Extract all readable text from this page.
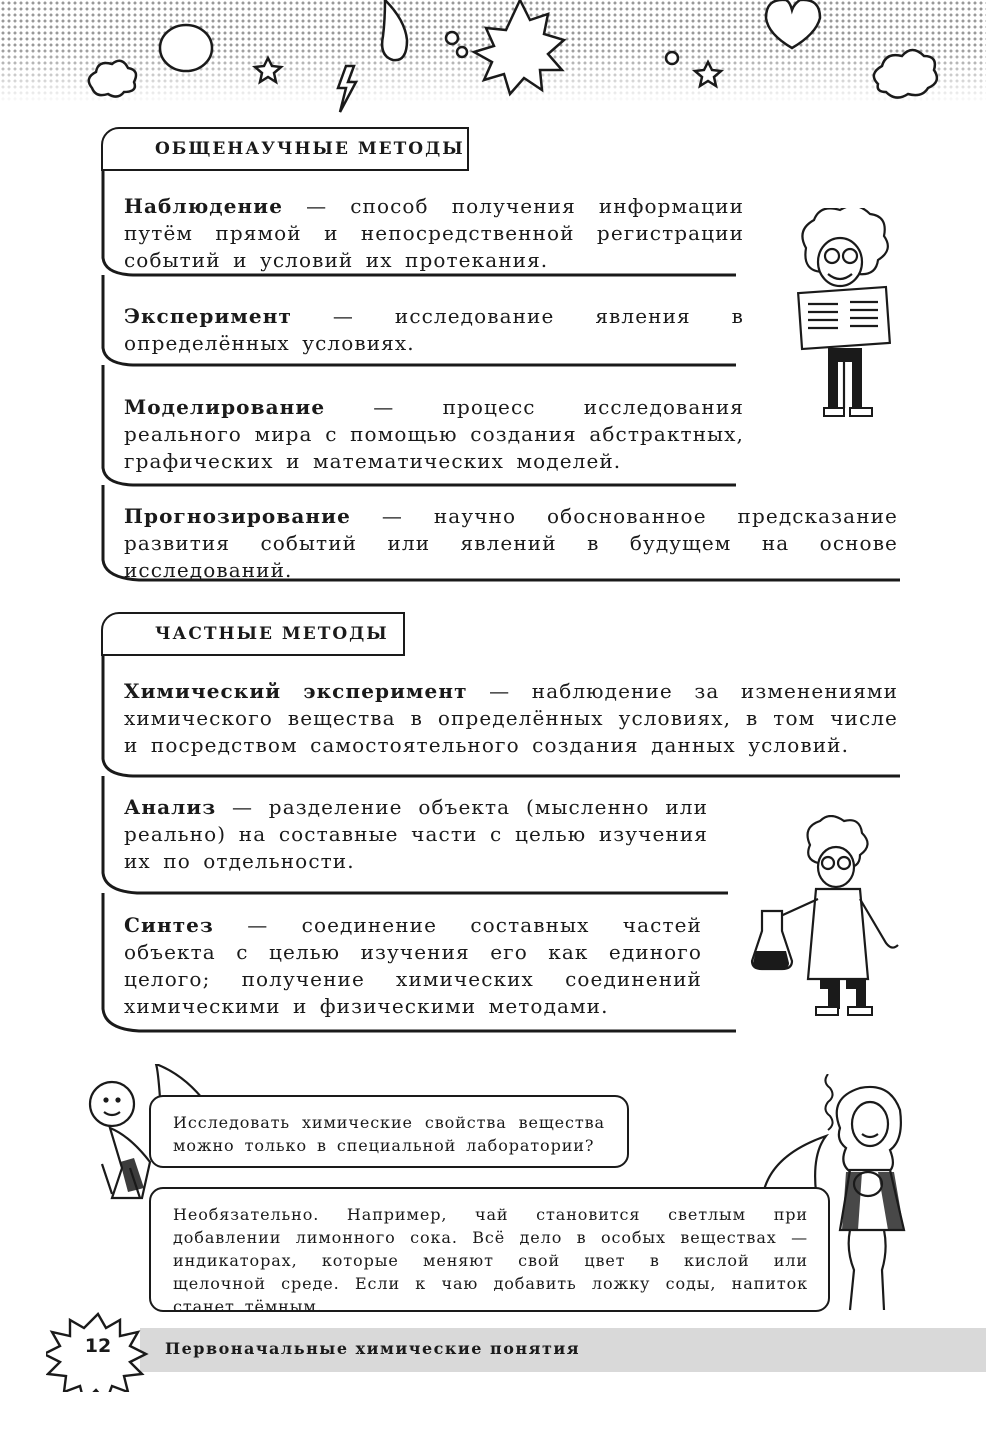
ОБЩЕНАУЧНЫЕ МЕТОДЫ
Наблюдение — способ получения информации путём прямой и непосредственной регистрации событий и условий их протекания.
Эксперимент — исследование явления в определённых условиях.
Моделирование — процесс исследования реального мира с помощью создания абстрактных, графических и математических моделей.
Прогнозирование — научно обоснованное предсказание развития событий или явлений в будущем на основе исследований.
ЧАСТНЫЕ МЕТОДЫ
Химический эксперимент — наблюдение за изменениями химического вещества в определённых условиях, в том числе и посредством самостоятельного создания данных условий.
Анализ — разделение объекта (мысленно или реально) на составные части с целью изучения их по отдельности.
Синтез — соединение составных частей объекта с целью изучения его как единого целого; получение химических соединений химическими и физическими методами.
Исследовать химические свойства вещества можно только в специальной лаборатории?
Необязательно. Например, чай становится светлым при добавлении лимонного сока. Всё дело в особых веществах — индикаторах, которые меняют свой цвет в кислой или щелочной среде. Если к чаю добавить ложку соды, напиток станет тёмным.
12	Первоначальные химические понятия
